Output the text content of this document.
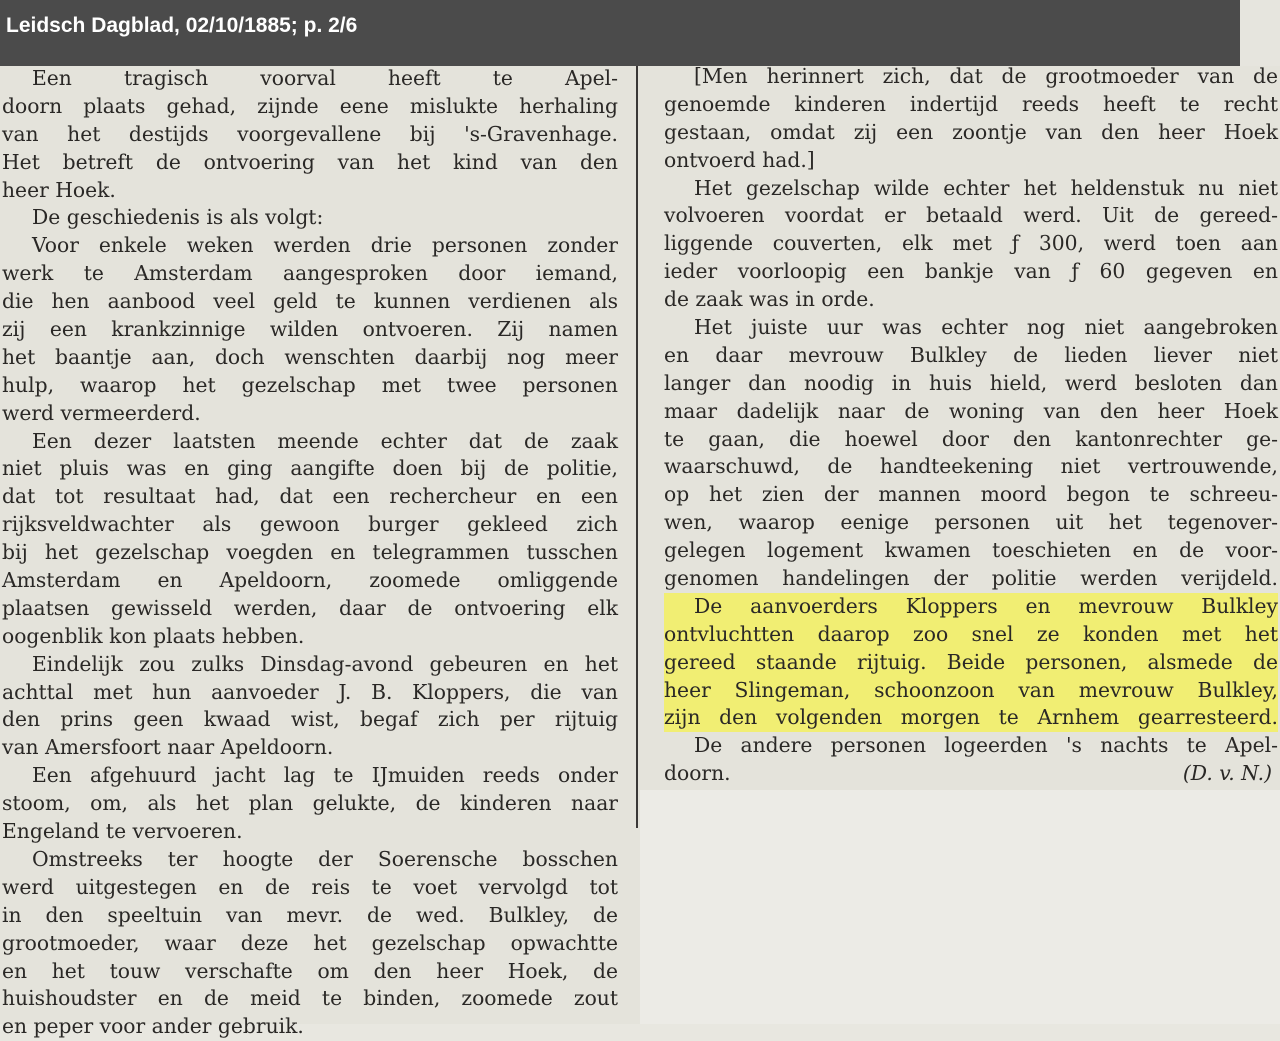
Leidsch Dagblad, 02/10/1885; p. 2/6
Een tragisch voorval heeft te Apel-
doorn plaats gehad, zijnde eene mislukte herhaling
van het destijds voorgevallene bij 's-Gravenhage.
Het betreft de ontvoering van het kind van den
heer Hoek.
De geschiedenis is als volgt:
Voor enkele weken werden drie personen zonder
werk te Amsterdam aangesproken door iemand,
die hen aanbood veel geld te kunnen verdienen als
zij een krankzinnige wilden ontvoeren. Zij namen
het baantje aan, doch wenschten daarbij nog meer
hulp, waarop het gezelschap met twee personen
werd vermeerderd.
Een dezer laatsten meende echter dat de zaak
niet pluis was en ging aangifte doen bij de politie,
dat tot resultaat had, dat een rechercheur en een
rijksveldwachter als gewoon burger gekleed zich
bij het gezelschap voegden en telegrammen tusschen
Amsterdam en Apeldoorn, zoomede omliggende
plaatsen gewisseld werden, daar de ontvoering elk
oogenblik kon plaats hebben.
Eindelijk zou zulks Dinsdag-avond gebeuren en het
achttal met hun aanvoeder J. B. Kloppers, die van
den prins geen kwaad wist, begaf zich per rijtuig
van Amersfoort naar Apeldoorn.
Een afgehuurd jacht lag te IJmuiden reeds onder
stoom, om, als het plan gelukte, de kinderen naar
Engeland te vervoeren.
Omstreeks ter hoogte der Soerensche bosschen
werd uitgestegen en de reis te voet vervolgd tot
in den speeltuin van mevr. de wed. Bulkley, de
grootmoeder, waar deze het gezelschap opwachtte
en het touw verschafte om den heer Hoek, de
huishoudster en de meid te binden, zoomede zout
en peper voor ander gebruik.
[Men herinnert zich, dat de grootmoeder van de
genoemde kinderen indertijd reeds heeft te recht
gestaan, omdat zij een zoontje van den heer Hoek
ontvoerd had.]
Het gezelschap wilde echter het heldenstuk nu niet
volvoeren voordat er betaald werd. Uit de gereed-
liggende couverten, elk met ƒ 300, werd toen aan
ieder voorloopig een bankje van ƒ 60 gegeven en
de zaak was in orde.
Het juiste uur was echter nog niet aangebroken
en daar mevrouw Bulkley de lieden liever niet
langer dan noodig in huis hield, werd besloten dan
maar dadelijk naar de woning van den heer Hoek
te gaan, die hoewel door den kantonrechter ge-
waarschuwd, de handteekening niet vertrouwende,
op het zien der mannen moord begon te schreeu-
wen, waarop eenige personen uit het tegenover-
gelegen logement kwamen toeschieten en de voor-
genomen handelingen der politie werden verijdeld.
De aanvoerders Kloppers en mevrouw Bulkley
ontvluchtten daarop zoo snel ze konden met het
gereed staande rijtuig. Beide personen, alsmede de
heer Slingeman, schoonzoon van mevrouw Bulkley,
zijn den volgenden morgen te Arnhem gearresteerd.
De andere personen logeerden 's nachts te Apel-
doorn.	(D. v. N.)
